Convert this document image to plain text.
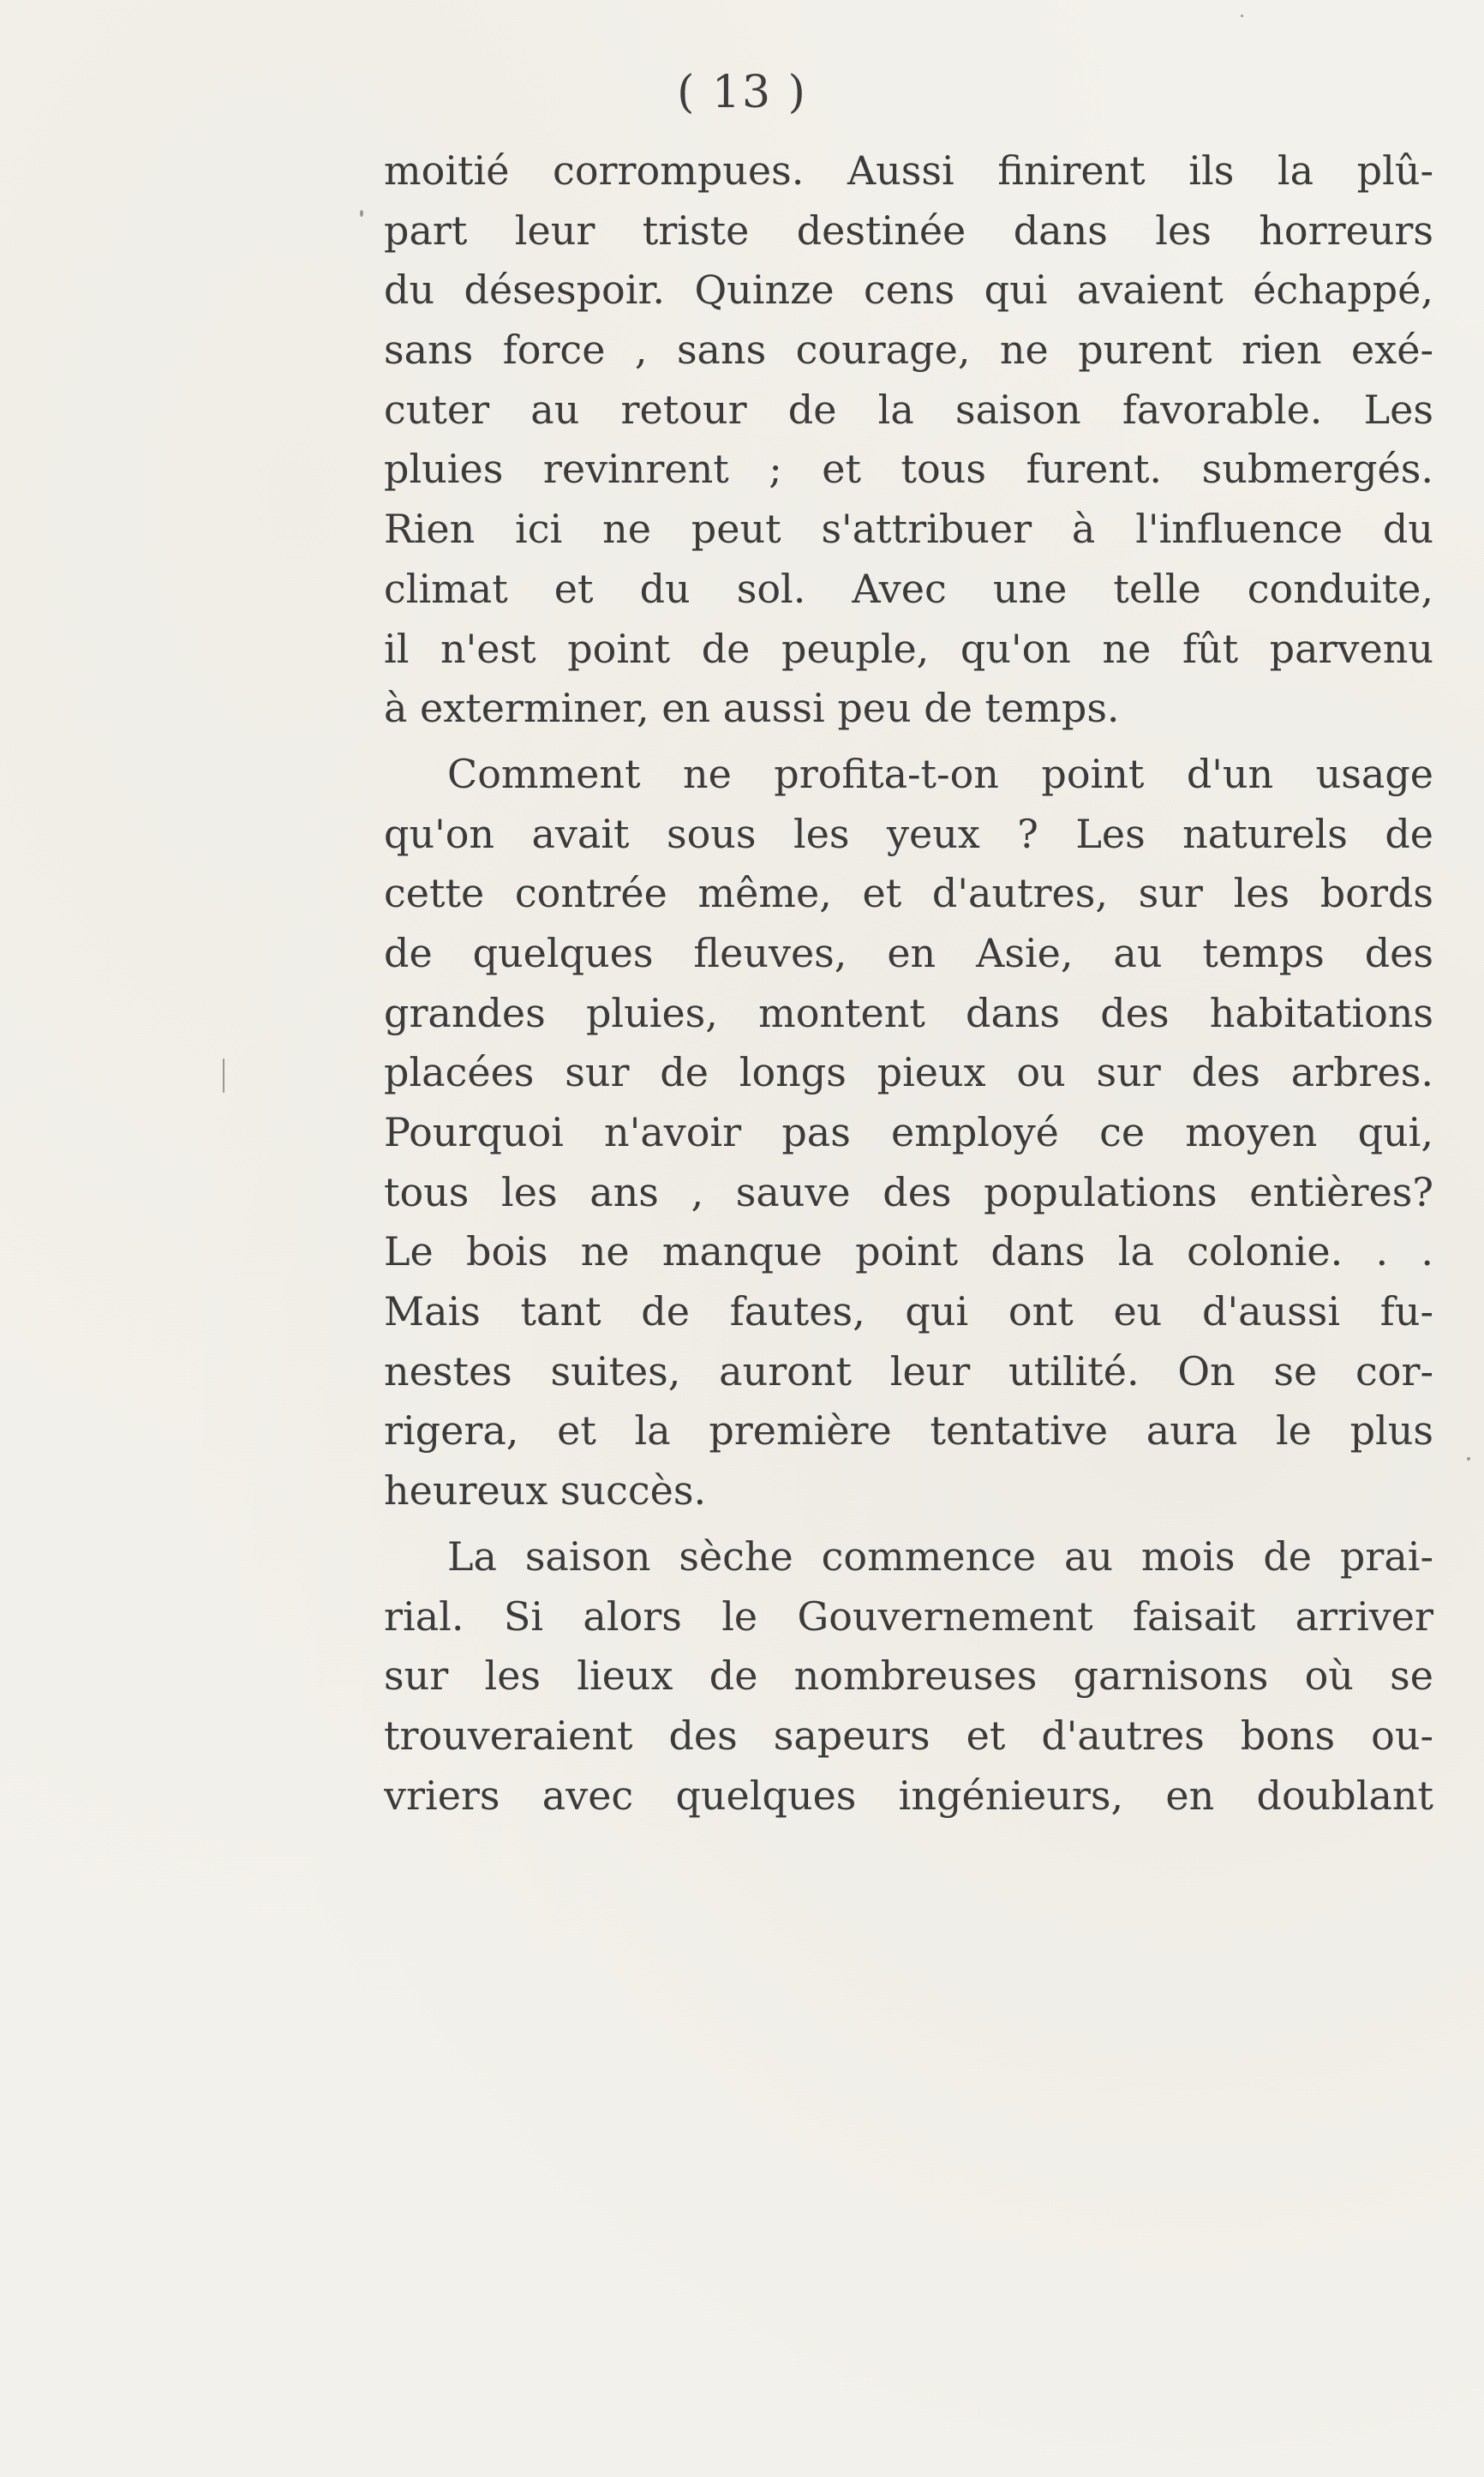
( 13 )
moitié corrompues. Aussi finirent ils la plû-
part leur triste destinée dans les horreurs
du désespoir. Quinze cens qui avaient échappé,
sans force , sans courage, ne purent rien exé-
cuter au retour de la saison favorable. Les
pluies revinrent ; et tous furent. submergés.
Rien ici ne peut s'attribuer à l'influence du
climat et du sol. Avec une telle conduite,
il n'est point de peuple, qu'on ne fût parvenu
à exterminer, en aussi peu de temps.
Comment ne profita-t-on point d'un usage
qu'on avait sous les yeux ? Les naturels de
cette contrée même, et d'autres, sur les bords
de quelques fleuves, en Asie, au temps des
grandes pluies, montent dans des habitations
placées sur de longs pieux ou sur des arbres.
Pourquoi n'avoir pas employé ce moyen qui,
tous les ans , sauve des populations entières?
Le bois ne manque point dans la colonie. . .
Mais tant de fautes, qui ont eu d'aussi fu-
nestes suites, auront leur utilité. On se cor-
rigera, et la première tentative aura le plus
heureux succès.
La saison sèche commence au mois de prai-
rial. Si alors le Gouvernement faisait arriver
sur les lieux de nombreuses garnisons où se
trouveraient des sapeurs et d'autres bons ou-
vriers avec quelques ingénieurs, en doublant
